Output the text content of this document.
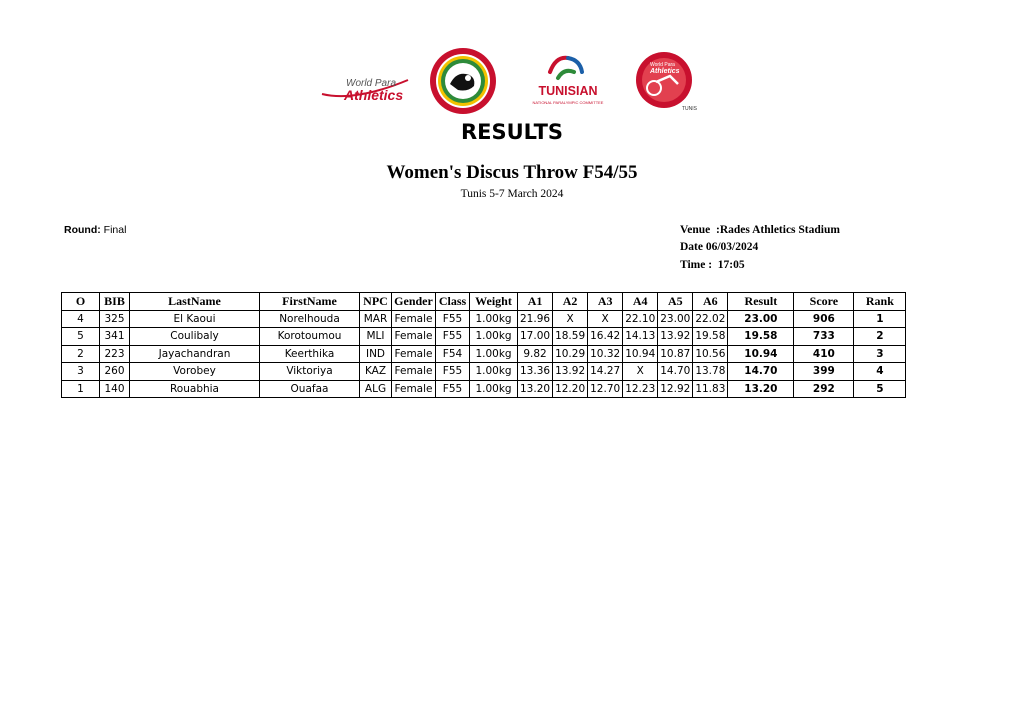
World Para
Athletics	TUNISIAN
NATIONAL PARALYMPIC COMMITTEE
World Para
Athletics
TUNIS
RESULTS
Women's Discus Throw F54/55
Tunis 5-7 March 2024
Round: Final	Venue  :Rades Athletics Stadium
Date 06/03/2024
Time :  17:05
O	BIB	LastName	FirstName	NPC	Gender	Class	Weight	A1	A2	A3	A4	A5	A6	Result	Score	Rank
4	325	El Kaoui	Norelhouda	MAR	Female	F55	1.00kg	21.96	X	X	22.10	23.00	22.02	23.00	906	1
5	341	Coulibaly	Korotoumou	MLI	Female	F55	1.00kg	17.00	18.59	16.42	14.13	13.92	19.58	19.58	733	2
2	223	Jayachandran	Keerthika	IND	Female	F54	1.00kg	9.82	10.29	10.32	10.94	10.87	10.56	10.94	410	3
3	260	Vorobey	Viktoriya	KAZ	Female	F55	1.00kg	13.36	13.92	14.27	X	14.70	13.78	14.70	399	4
1	140	Rouabhia	Ouafaa	ALG	Female	F55	1.00kg	13.20	12.20	12.70	12.23	12.92	11.83	13.20	292	5
